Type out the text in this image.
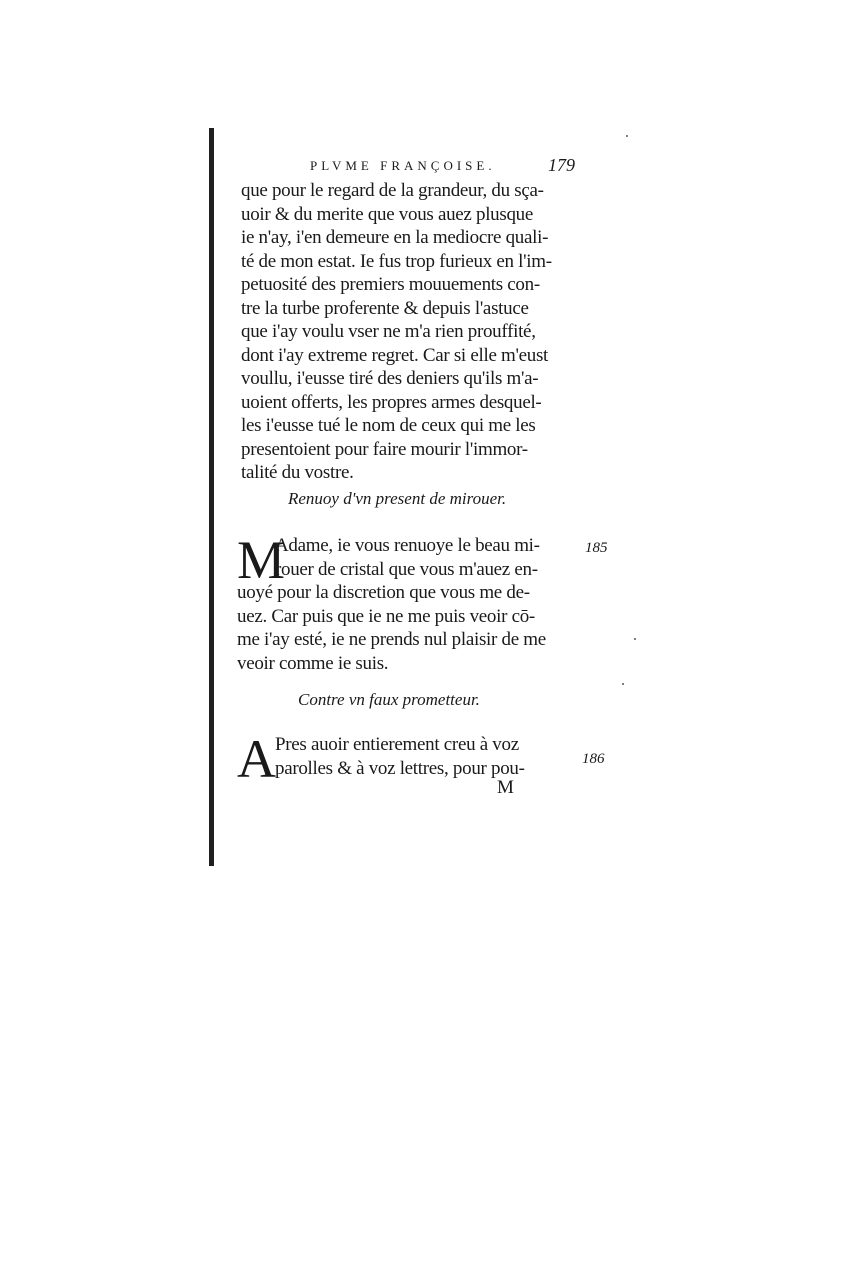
PLVME FRANÇOISE.	179
que pour le regard de la grandeur, du sça-
uoir & du merite que vous auez plusque
ie n'ay, i'en demeure en la mediocre quali-
té de mon estat. Ie fus trop furieux en l'im-
petuosité des premiers mouuements con-
tre la turbe proferente & depuis l'astuce
que i'ay voulu vser ne m'a rien prouffité,
dont i'ay extreme regret. Car si elle m'eust
voullu, i'eusse tiré des deniers qu'ils m'a-
uoient offerts, les propres armes desquel-
les i'eusse tué le nom de ceux qui me les
presentoient pour faire mourir l'immor-
talité du vostre.
Renuoy d'vn present de mirouer.
M
Adame, ie vous renuoye le beau mi-
rouer de cristal que vous m'auez en-
uoyé pour la discretion que vous me de-
uez. Car puis que ie ne me puis veoir cō-
me i'ay esté, ie ne prends nul plaisir de me
veoir comme ie suis.
185
Contre vn faux prometteur.
A Pres auoir entierement creu à voz
parolles & à voz lettres, pour pou-	186
M
